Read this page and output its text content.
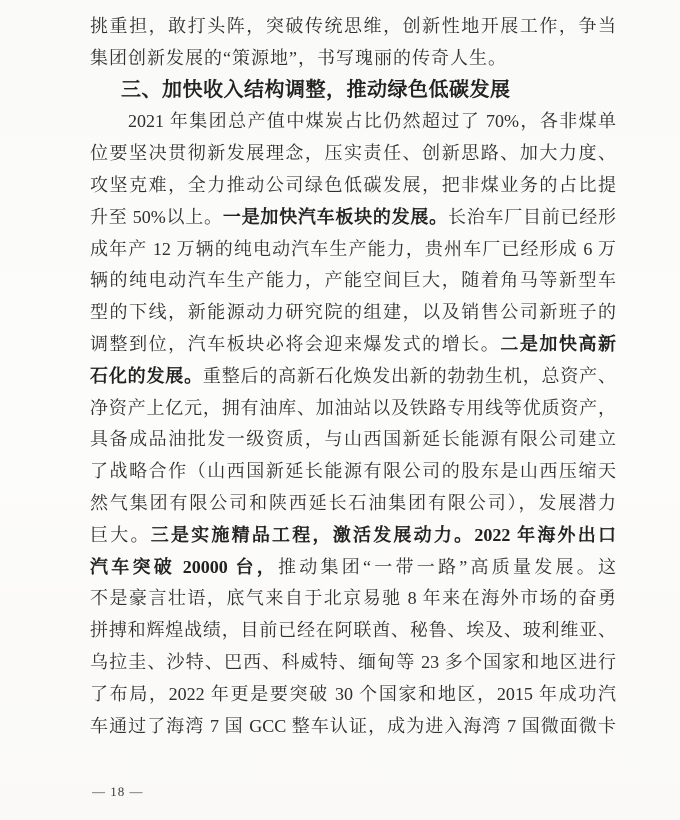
挑重担，敢打头阵，突破传统思维，创新性地开展工作，争当
集团创新发展的“策源地”，书写瑰丽的传奇人生。
三、加快收入结构调整，推动绿色低碳发展
2021 年集团总产值中煤炭占比仍然超过了 70%，各非煤单
位要坚决贯彻新发展理念，压实责任、创新思路、加大力度、
攻坚克难，全力推动公司绿色低碳发展，把非煤业务的占比提
升至 50%以上。一是加快汽车板块的发展。长治车厂目前已经形
成年产 12 万辆的纯电动汽车生产能力，贵州车厂已经形成 6 万
辆的纯电动汽车生产能力，产能空间巨大，随着角马等新型车
型的下线，新能源动力研究院的组建，以及销售公司新班子的
调整到位，汽车板块必将会迎来爆发式的增长。二是加快高新
石化的发展。重整后的高新石化焕发出新的勃勃生机，总资产、
净资产上亿元，拥有油库、加油站以及铁路专用线等优质资产，
具备成品油批发一级资质，与山西国新延长能源有限公司建立
了战略合作（山西国新延长能源有限公司的股东是山西压缩天
然气集团有限公司和陕西延长石油集团有限公司），发展潜力
巨大。三是实施精品工程，激活发展动力。2022 年海外出口
汽车突破 20000 台，推动集团“一带一路”高质量发展。这
不是豪言壮语，底气来自于北京易驰 8 年来在海外市场的奋勇
拼搏和辉煌战绩，目前已经在阿联酋、秘鲁、埃及、玻利维亚、
乌拉圭、沙特、巴西、科威特、缅甸等 23 多个国家和地区进行
了布局，2022 年更是要突破 30 个国家和地区，2015 年成功汽
车通过了海湾 7 国 GCC 整车认证，成为进入海湾 7 国微面微卡
— 18 —
